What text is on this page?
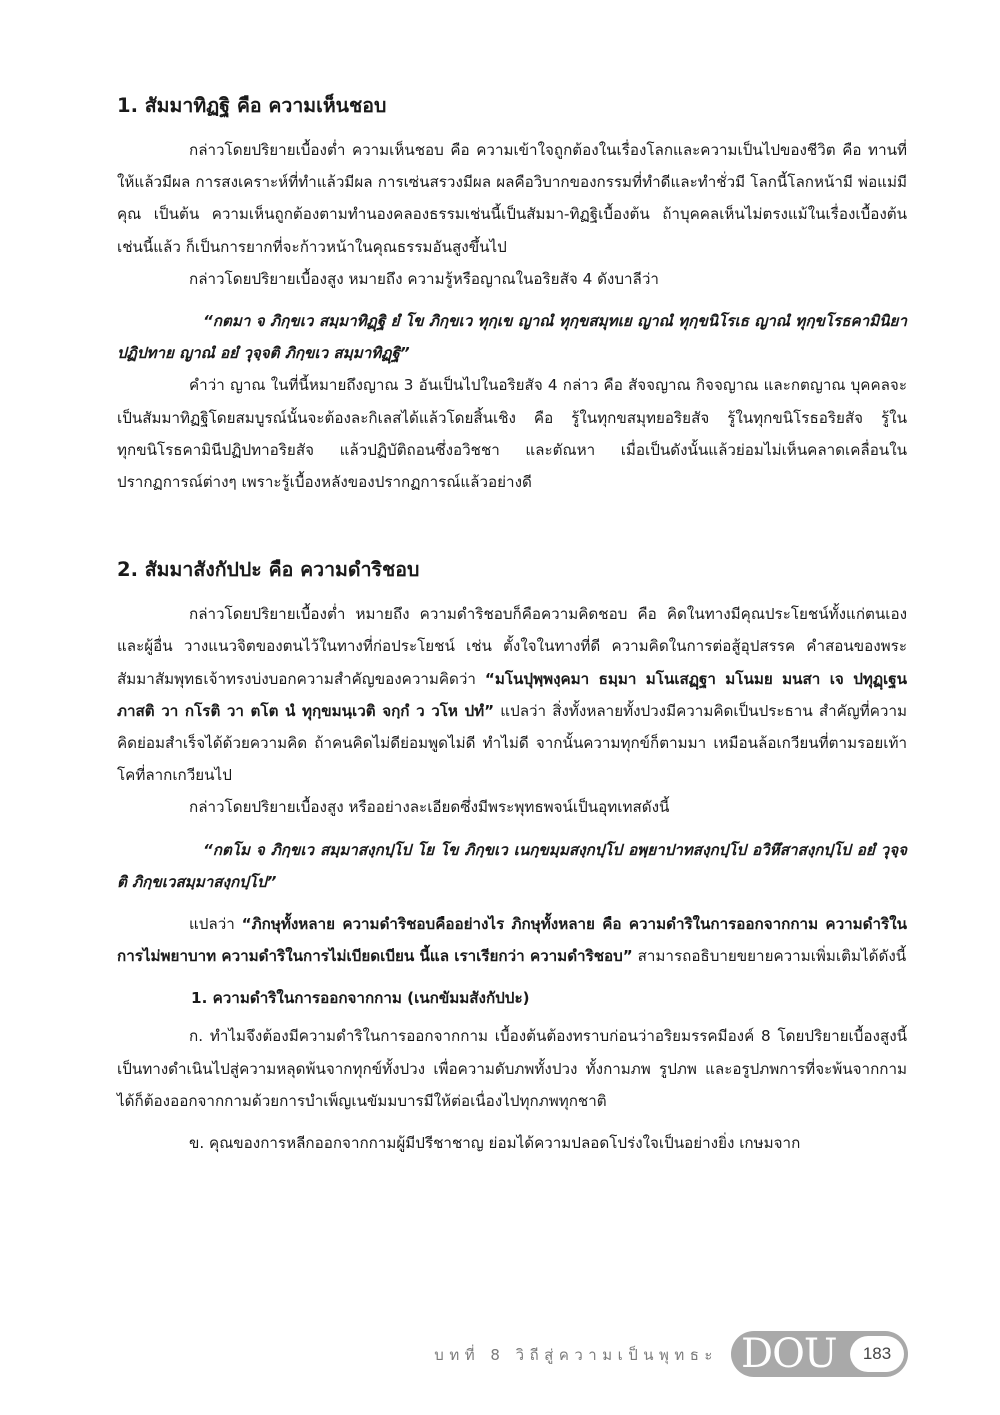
1. สัมมาทิฏฐิ คือ ความเห็นชอบ

กล่าวโดยปริยายเบื้องต่ำ ความเห็นชอบ คือ ความเข้าใจถูกต้องในเรื่องโลกและความเป็นไปของชีวิต คือ ทานที่ให้แล้วมีผล การสงเคราะห์ที่ทำแล้วมีผล การเซ่นสรวงมีผล ผลคือวิบากของกรรมที่ทำดีและทำชั่วมี โลกนี้โลกหน้ามี พ่อแม่มีคุณ เป็นต้น ความเห็นถูกต้องตามทำนองคลองธรรมเช่นนี้เป็นสัมมา-ทิฏฐิเบื้องต้น ถ้าบุคคลเห็นไม่ตรงแม้ในเรื่องเบื้องต้นเช่นนี้แล้ว ก็เป็นการยากที่จะก้าวหน้าในคุณธรรมอันสูงขึ้นไป

กล่าวโดยปริยายเบื้องสูง หมายถึง ความรู้หรือญาณในอริยสัจ 4 ดังบาลีว่า

“กตมา จ ภิกฺขเว สมฺมาทิฏฺฐิ ยํ โข ภิกฺขเว ทุกฺเข ญาณํ ทุกฺขสมุทเย ญาณํ ทุกฺขนิโรเธ ญาณํ ทุกฺขโรธคามินิยา ปฏิปทาย ญาณํ อยํ วุจฺจติ ภิกฺขเว สมฺมาทิฏฺฐิ”

คำว่า ญาณ ในที่นี้หมายถึงญาณ 3 อันเป็นไปในอริยสัจ 4 กล่าว คือ สัจจญาณ กิจจญาณ และกตญาณ บุคคลจะเป็นสัมมาทิฏฐิโดยสมบูรณ์นั้นจะต้องละกิเลสได้แล้วโดยสิ้นเชิง คือ รู้ในทุกขสมุทยอริยสัจ รู้ในทุกขนิโรธอริยสัจ รู้ในทุกขนิโรธคามินีปฏิปทาอริยสัจ แล้วปฏิบัติถอนซึ่งอวิชชา และตัณหา เมื่อเป็นดังนั้นแล้วย่อมไม่เห็นคลาดเคลื่อนในปรากฏการณ์ต่างๆ เพราะรู้เบื้องหลังของปรากฏการณ์แล้วอย่างดี

2. สัมมาสังกัปปะ คือ ความดำริชอบ

กล่าวโดยปริยายเบื้องต่ำ หมายถึง ความดำริชอบก็คือความคิดชอบ คือ คิดในทางมีคุณประโยชน์ทั้งแก่ตนเองและผู้อื่น วางแนวจิตของตนไว้ในทางที่ก่อประโยชน์ เช่น ตั้งใจในทางที่ดี ความคิดในการต่อสู้อุปสรรค คำสอนของพระสัมมาสัมพุทธเจ้าทรงบ่งบอกความสำคัญของความคิดว่า “มโนปุพฺพงฺคมา ธมฺมา มโนเสฏฺฐา มโนมย มนสา เจ ปทุฏฺเฐน ภาสติ วา กโรติ วา ตโต นํ ทุกฺขมนฺเวติ จกฺกํ ว วโห ปทํ” แปลว่า สิ่งทั้งหลายทั้งปวงมีความคิดเป็นประธาน สำคัญที่ความคิดย่อมสำเร็จได้ด้วยความคิด ถ้าคนคิดไม่ดีย่อมพูดไม่ดี ทำไม่ดี จากนั้นความทุกข์ก็ตามมา เหมือนล้อเกวียนที่ตามรอยเท้าโคที่ลากเกวียนไป

กล่าวโดยปริยายเบื้องสูง หรืออย่างละเอียดซึ่งมีพระพุทธพจน์เป็นอุทเทสดังนี้

“กตโม จ ภิกฺขเว สมฺมาสงฺกปฺโป โย โข ภิกฺขเว เนกฺขมฺมสงฺกปฺโป อพฺยาปาทสงฺกปฺโป อวิหึสาสงฺกปฺโป อยํ วุจฺจติ ภิกฺขเวสมฺมาสงฺกปฺโป”

แปลว่า “ภิกษุทั้งหลาย ความดำริชอบคืออย่างไร ภิกษุทั้งหลาย คือ ความดำริในการออกจากกาม ความดำริในการไม่พยาบาท ความดำริในการไม่เบียดเบียน นี้แล เราเรียกว่า ความดำริชอบ” สามารถอธิบายขยายความเพิ่มเติมได้ดังนี้

1. ความดำริในการออกจากกาม (เนกขัมมสังกัปปะ)

ก. ทำไมจึงต้องมีความดำริในการออกจากกาม เบื้องต้นต้องทราบก่อนว่าอริยมรรคมีองค์ 8 โดยปริยายเบื้องสูงนี้เป็นทางดำเนินไปสู่ความหลุดพ้นจากทุกข์ทั้งปวง เพื่อความดับภพทั้งปวง ทั้งกามภพ รูปภพ และอรูปภพการที่จะพ้นจากกามได้ก็ต้องออกจากกามด้วยการบำเพ็ญเนขัมมบารมีให้ต่อเนื่องไปทุกภพทุกชาติ

ข. คุณของการหลีกออกจากกามผู้มีปรีชาชาญ ย่อมได้ความปลอดโปร่งใจเป็นอย่างยิ่ง เกษมจาก

บทที่ 8 วิถีสู่ความเป็นพุทธะ DOU	183
